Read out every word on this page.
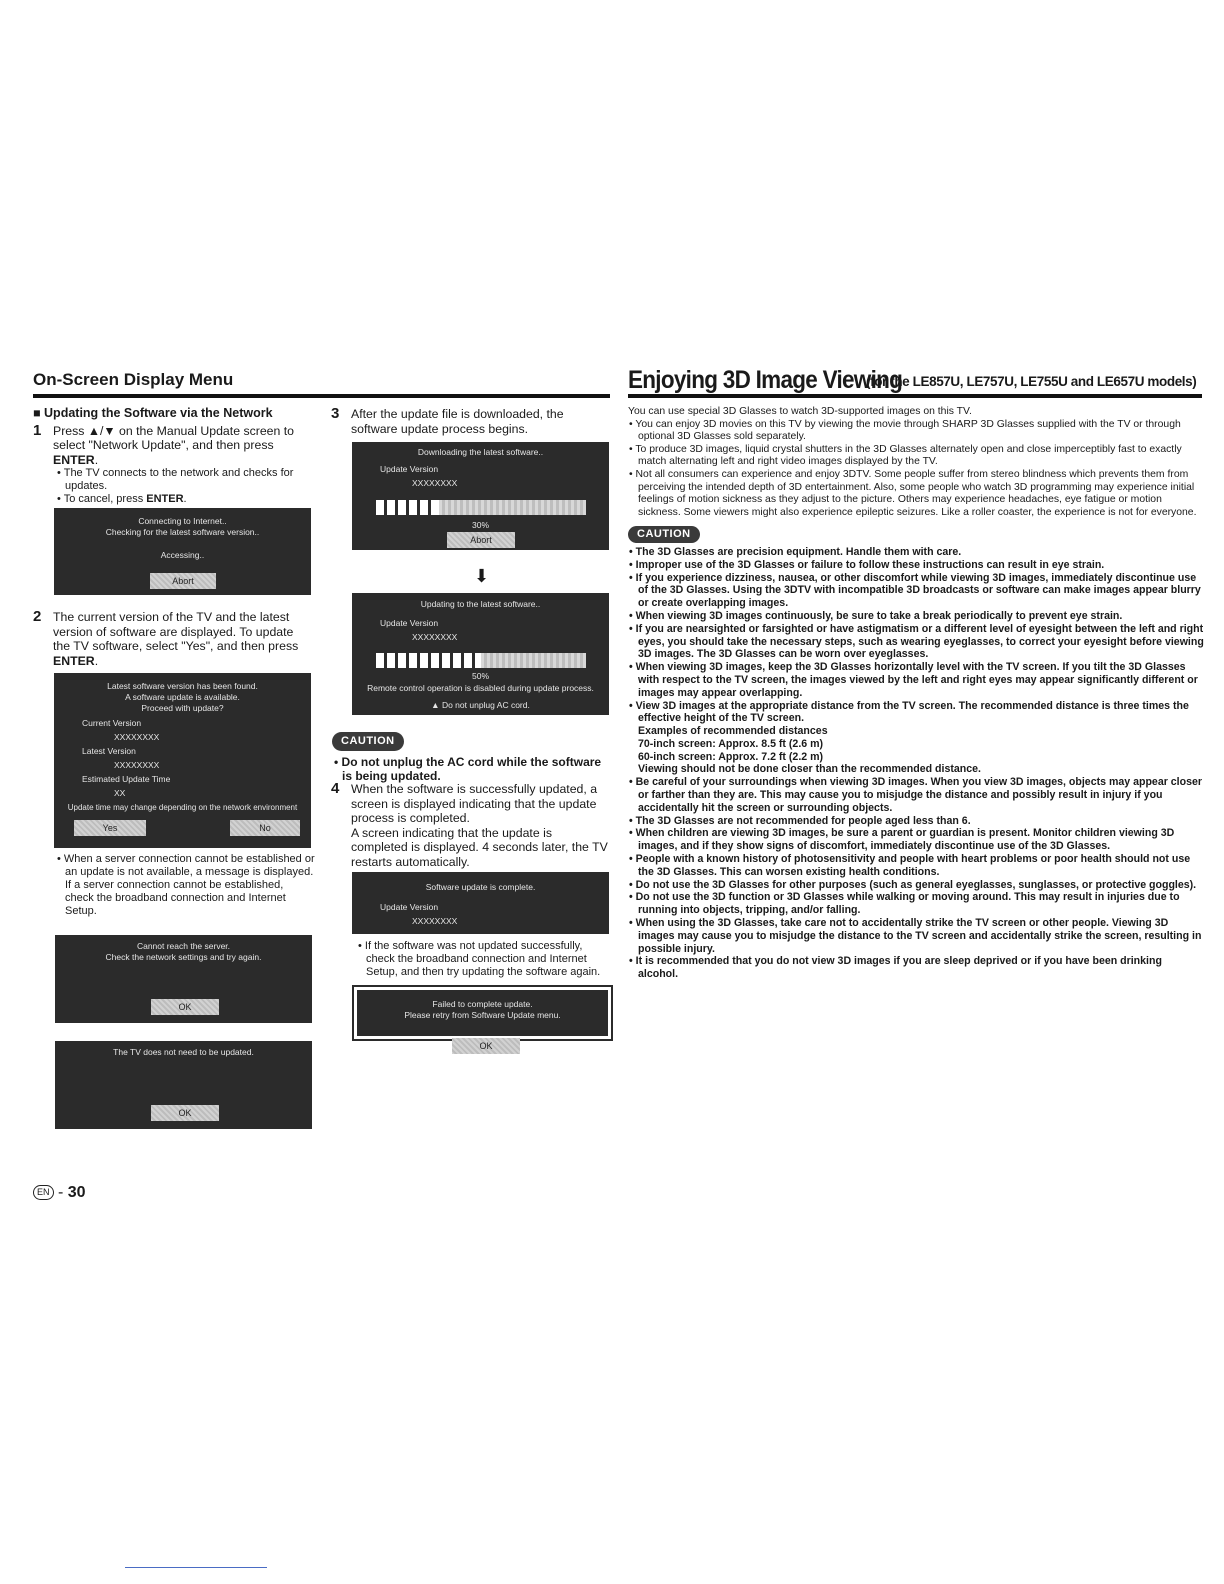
On-Screen Display Menu	Enjoying 3D Image Viewing
(for the LE857U, LE757U, LE755U and LE657U models)
■ Updating the Software via the Network
1 Press ▲/▼ on the Manual Update screen to select "Network Update", and then press ENTER.
• The TV connects to the network and checks for updates.
• To cancel, press ENTER.
Connecting to Internet..
Checking for the latest software version..
Accessing..
Abort
2 The current version of the TV and the latest version of software are displayed. To update the TV software, select "Yes", and then press ENTER.
Latest software version has been found.
A software update is available.
Proceed with update?
Current Version
XXXXXXXX
Latest Version
XXXXXXXX
Estimated Update Time
XX
Update time may change depending on the network environment
Yes	No
• When a server connection cannot be established or an update is not available, a message is displayed.
If a server connection cannot be established, check the broadband connection and Internet Setup.
Cannot reach the server.
Check the network settings and try again.
OK
The TV does not need to be updated.
OK
3 After the update file is downloaded, the software update process begins.
Downloading the latest software..
Update Version
XXXXXXXX
30%
Abort
⬇
Updating to the latest software..
Update Version
XXXXXXXX
50%
Remote control operation is disabled during update process.
▲ Do not unplug AC cord.
CAUTION
• Do not unplug the AC cord while the software is being updated.
4 When the software is successfully updated, a screen is displayed indicating that the update process is completed.
A screen indicating that the update is completed is displayed. 4 seconds later, the TV restarts automatically.
Software update is complete.
Update Version
XXXXXXXX
• If the software was not updated successfully, check the broadband connection and Internet Setup, and then try updating the software again.
Failed to complete update.
Please retry from Software Update menu.
OK
You can use special 3D Glasses to watch 3D-supported images on this TV.
• You can enjoy 3D movies on this TV by viewing the movie through SHARP 3D Glasses supplied with the TV or through optional 3D Glasses sold separately.
• To produce 3D images, liquid crystal shutters in the 3D Glasses alternately open and close imperceptibly fast to exactly match alternating left and right video images displayed by the TV.
• Not all consumers can experience and enjoy 3DTV. Some people suffer from stereo blindness which prevents them from perceiving the intended depth of 3D entertainment. Also, some people who watch 3D programming may experience initial feelings of motion sickness as they adjust to the picture. Others may experience headaches, eye fatigue or motion sickness. Some viewers might also experience epileptic seizures. Like a roller coaster, the experience is not for everyone.
CAUTION
• The 3D Glasses are precision equipment. Handle them with care.
• Improper use of the 3D Glasses or failure to follow these instructions can result in eye strain.
• If you experience dizziness, nausea, or other discomfort while viewing 3D images, immediately discontinue use of the 3D Glasses. Using the 3DTV with incompatible 3D broadcasts or software can make images appear blurry or create overlapping images.
• When viewing 3D images continuously, be sure to take a break periodically to prevent eye strain.
• If you are nearsighted or farsighted or have astigmatism or a different level of eyesight between the left and right eyes, you should take the necessary steps, such as wearing eyeglasses, to correct your eyesight before viewing 3D images. The 3D Glasses can be worn over eyeglasses.
• When viewing 3D images, keep the 3D Glasses horizontally level with the TV screen. If you tilt the 3D Glasses with respect to the TV screen, the images viewed by the left and right eyes may appear significantly different or images may appear overlapping.
• View 3D images at the appropriate distance from the TV screen. The recommended distance is three times the effective height of the TV screen.
Examples of recommended distances
70-inch screen: Approx. 8.5 ft (2.6 m)
60-inch screen: Approx. 7.2 ft (2.2 m)
Viewing should not be done closer than the recommended distance.
• Be careful of your surroundings when viewing 3D images. When you view 3D images, objects may appear closer or farther than they are. This may cause you to misjudge the distance and possibly result in injury if you accidentally hit the screen or surrounding objects.
• The 3D Glasses are not recommended for people aged less than 6.
• When children are viewing 3D images, be sure a parent or guardian is present. Monitor children viewing 3D images, and if they show signs of discomfort, immediately discontinue use of the 3D Glasses.
• People with a known history of photosensitivity and people with heart problems or poor health should not use the 3D Glasses. This can worsen existing health conditions.
• Do not use the 3D Glasses for other purposes (such as general eyeglasses, sunglasses, or protective goggles).
• Do not use the 3D function or 3D Glasses while walking or moving around. This may result in injuries due to running into objects, tripping, and/or falling.
• When using the 3D Glasses, take care not to accidentally strike the TV screen or other people. Viewing 3D images may cause you to misjudge the distance to the TV screen and accidentally strike the screen, resulting in possible injury.
• It is recommended that you do not view 3D images if you are sleep deprived or if you have been drinking alcohol.
EN - 30
